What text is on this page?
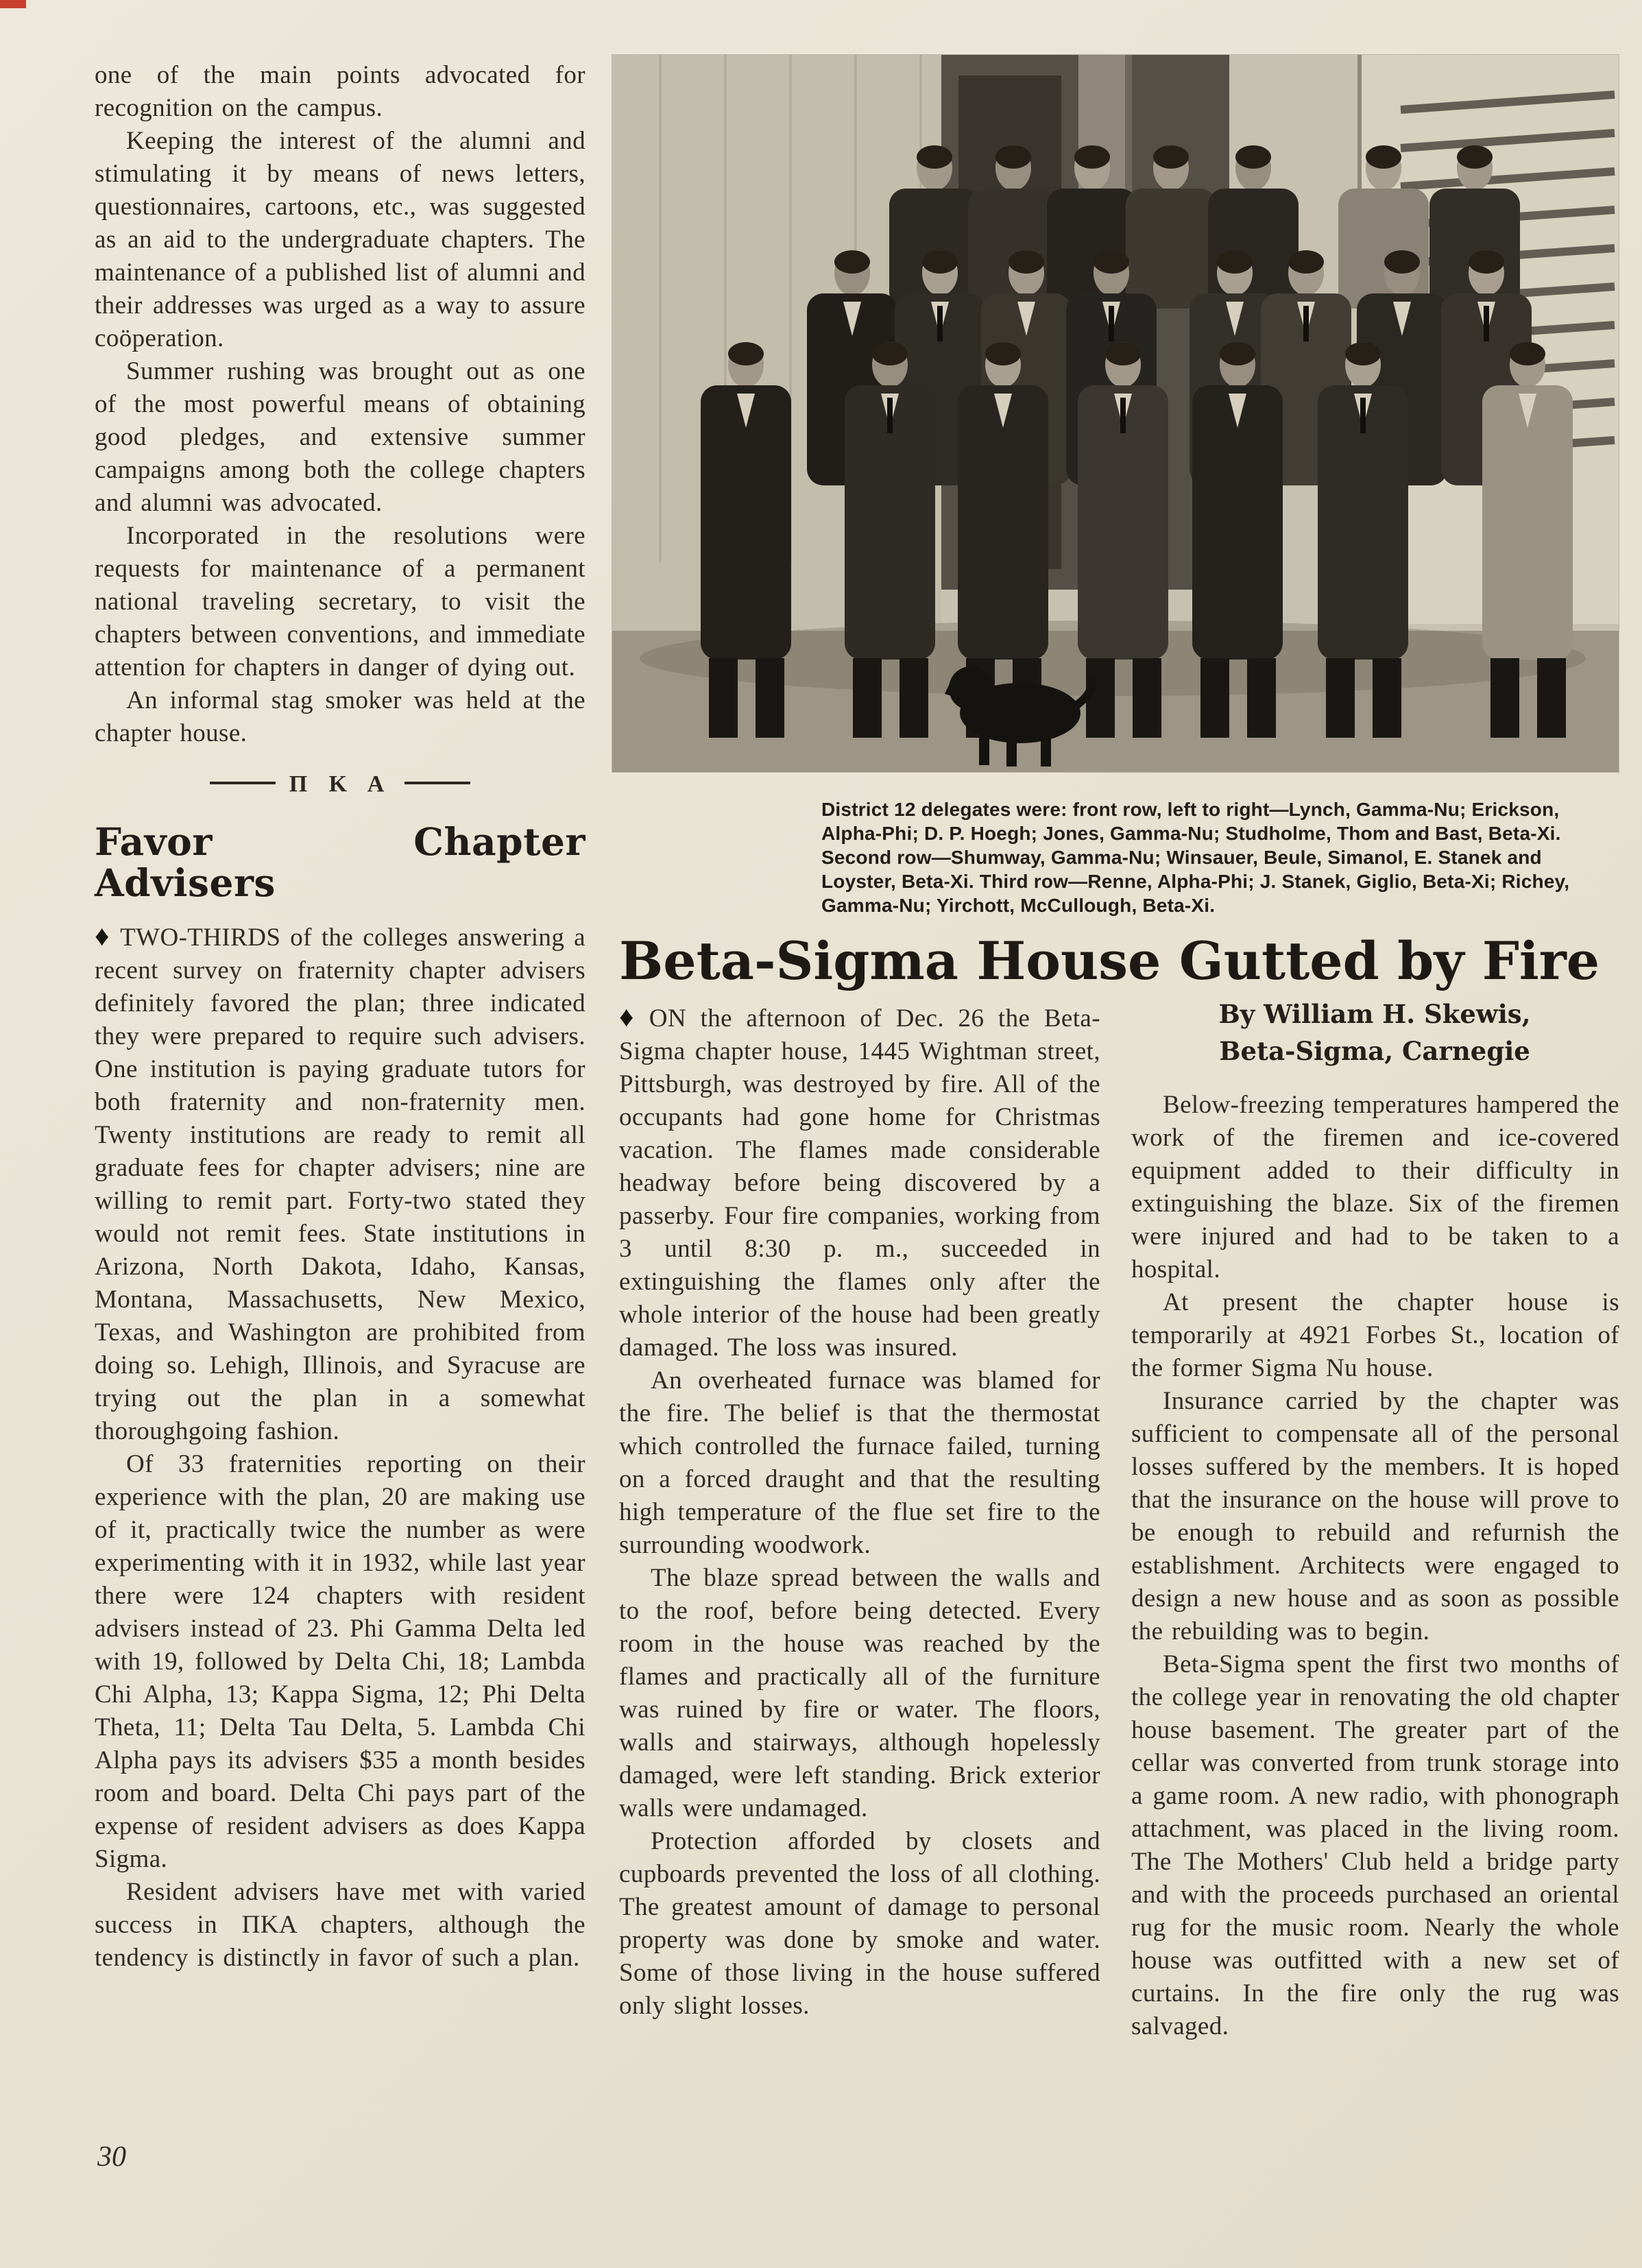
one of the main points advocated for recognition on the campus.

Keeping the interest of the alumni and stimulating it by means of news letters, questionnaires, cartoons, etc., was suggested as an aid to the undergraduate chapters. The maintenance of a published list of alumni and their addresses was urged as a way to assure coöperation.

Summer rushing was brought out as one of the most powerful means of obtaining good pledges, and extensive summer campaigns among both the college chapters and alumni was advocated.

Incorporated in the resolutions were requests for maintenance of a permanent national traveling secretary, to visit the chapters between conventions, and immediate attention for chapters in danger of dying out.

An informal stag smoker was held at the chapter house.

Π Κ Α
Favor Chapter Advisers

♦ TWO-THIRDS of the colleges answering a recent survey on fraternity chapter advisers definitely favored the plan; three indicated they were prepared to require such advisers. One institution is paying graduate tutors for both fraternity and non-fraternity men. Twenty institutions are ready to remit all graduate fees for chapter advisers; nine are willing to remit part. Forty-two stated they would not remit fees. State institutions in Arizona, North Dakota, Idaho, Kansas, Montana, Massachusetts, New Mexico, Texas, and Washington are prohibited from doing so. Lehigh, Illinois, and Syracuse are trying out the plan in a somewhat thoroughgoing fashion.

Of 33 fraternities reporting on their experience with the plan, 20 are making use of it, practically twice the number as were experimenting with it in 1932, while last year there were 124 chapters with resident advisers instead of 23. Phi Gamma Delta led with 19, followed by Delta Chi, 18; Lambda Chi Alpha, 13; Kappa Sigma, 12; Phi Delta Theta, 11; Delta Tau Delta, 5. Lambda Chi Alpha pays its advisers $35 a month besides room and board. Delta Chi pays part of the expense of resident advisers as does Kappa Sigma.

Resident advisers have met with varied success in ΠΚΑ chapters, although the tendency is distinctly in favor of such a plan.

District 12 delegates were: front row, left to right—Lynch, Gamma-Nu; Erickson, Alpha-Phi; D. P. Hoegh; Jones, Gamma-Nu; Studholme, Thom and Bast, Beta-Xi. Second row—Shumway, Gamma-Nu; Winsauer, Beule, Simanol, E. Stanek and Loyster, Beta-Xi. Third row—Renne, Alpha-Phi; J. Stanek, Giglio, Beta-Xi; Richey, Gamma-Nu; Yirchott, McCullough, Beta-Xi.
Beta-Sigma House Gutted by Fire
By William H. Skewis,
Beta-Sigma, Carnegie

♦ ON the afternoon of Dec. 26 the Beta-Sigma chapter house, 1445 Wightman street, Pittsburgh, was destroyed by fire. All of the occupants had gone home for Christmas vacation. The flames made considerable headway before being discovered by a passerby. Four fire companies, working from 3 until 8:30 p. m., succeeded in extinguishing the flames only after the whole interior of the house had been greatly damaged. The loss was insured.

An overheated furnace was blamed for the fire. The belief is that the thermostat which controlled the furnace failed, turning on a forced draught and that the resulting high temperature of the flue set fire to the surrounding woodwork.

The blaze spread between the walls and to the roof, before being detected. Every room in the house was reached by the flames and practically all of the furniture was ruined by fire or water. The floors, walls and stairways, although hopelessly damaged, were left standing. Brick exterior walls were undamaged.

Protection afforded by closets and cupboards prevented the loss of all clothing. The greatest amount of damage to personal property was done by smoke and water. Some of those living in the house suffered only slight losses.

Below-freezing temperatures hampered the work of the firemen and ice-covered equipment added to their difficulty in extinguishing the blaze. Six of the firemen were injured and had to be taken to a hospital.

At present the chapter house is temporarily at 4921 Forbes St., location of the former Sigma Nu house.

Insurance carried by the chapter was sufficient to compensate all of the personal losses suffered by the members. It is hoped that the insurance on the house will prove to be enough to rebuild and refurnish the establishment. Architects were engaged to design a new house and as soon as possible the rebuilding was to begin.

Beta-Sigma spent the first two months of the college year in renovating the old chapter house basement. The greater part of the cellar was converted from trunk storage into a game room. A new radio, with phonograph attachment, was placed in the living room. The The Mothers' Club held a bridge party and with the proceeds purchased an oriental rug for the music room. Nearly the whole house was outfitted with a new set of curtains. In the fire only the rug was salvaged.

30
